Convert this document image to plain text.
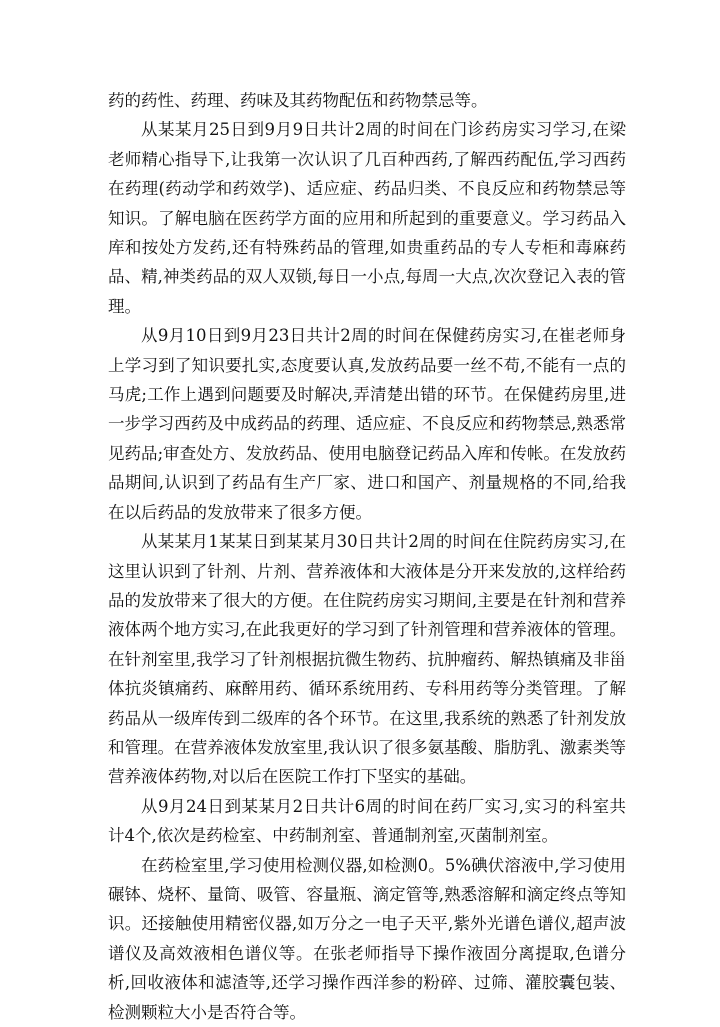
药的药性、药理、药味及其药物配伍和药物禁忌等。

从某某月25日到9月9日共计2周的时间在门诊药房实习学习,在梁老师精心指导下,让我第一次认识了几百种西药,了解西药配伍,学习西药在药理(药动学和药效学)、适应症、药品归类、不良反应和药物禁忌等知识。了解电脑在医药学方面的应用和所起到的重要意义。学习药品入库和按处方发药,还有特殊药品的管理,如贵重药品的专人专柜和毒麻药品、精,神类药品的双人双锁,每日一小点,每周一大点,次次登记入表的管理。

从9月10日到9月23日共计2周的时间在保健药房实习,在崔老师身上学习到了知识要扎实,态度要认真,发放药品要一丝不苟,不能有一点的马虎;工作上遇到问题要及时解决,弄清楚出错的环节。在保健药房里,进一步学习西药及中成药品的药理、适应症、不良反应和药物禁忌,熟悉常见药品;审查处方、发放药品、使用电脑登记药品入库和传帐。在发放药品期间,认识到了药品有生产厂家、进口和国产、剂量规格的不同,给我在以后药品的发放带来了很多方便。

从某某月1某某日到某某月30日共计2周的时间在住院药房实习,在这里认识到了针剂、片剂、营养液体和大液体是分开来发放的,这样给药品的发放带来了很大的方便。在住院药房实习期间,主要是在针剂和营养液体两个地方实习,在此我更好的学习到了针剂管理和营养液体的管理。在针剂室里,我学习了针剂根据抗微生物药、抗肿瘤药、解热镇痛及非甾体抗炎镇痛药、麻醉用药、循环系统用药、专科用药等分类管理。了解药品从一级库传到二级库的各个环节。在这里,我系统的熟悉了针剂发放和管理。在营养液体发放室里,我认识了很多氨基酸、脂肪乳、激素类等营养液体药物,对以后在医院工作打下坚实的基础。

从9月24日到某某月2日共计6周的时间在药厂实习,实习的科室共计4个,依次是药检室、中药制剂室、普通制剂室,灭菌制剂室。

在药检室里,学习使用检测仪器,如检测0。5%碘伏溶液中,学习使用碾钵、烧杯、量筒、吸管、容量瓶、滴定管等,熟悉溶解和滴定终点等知识。还接触使用精密仪器,如万分之一电子天平,紫外光谱色谱仪,超声波谱仪及高效液相色谱仪等。在张老师指导下操作液固分离提取,色谱分析,回收液体和滤渣等,还学习操作西洋参的粉碎、过筛、灌胶囊包装、检测颗粒大小是否符合等。
